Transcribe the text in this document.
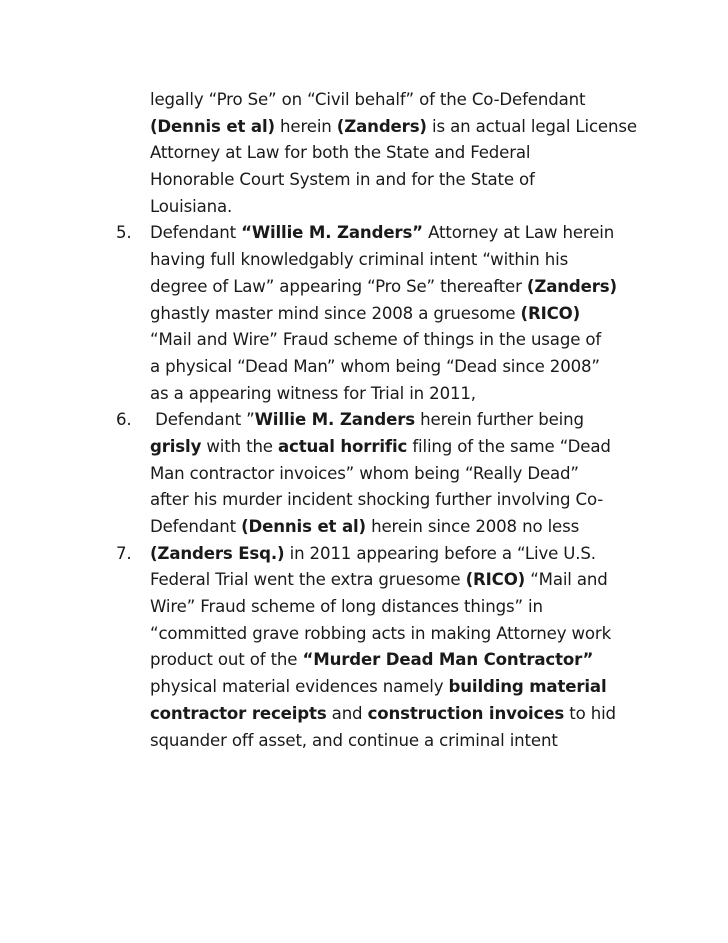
legally “Pro Se” on “Civil behalf” of the Co-Defendant
(Dennis et al) herein (Zanders) is an actual legal License
Attorney at Law for both the State and Federal
Honorable Court System in and for the State of
Louisiana.
5. Defendant “Willie M. Zanders” Attorney at Law herein
having full knowledgably criminal intent “within his
degree of Law” appearing “Pro Se” thereafter (Zanders)
ghastly master mind since 2008 a gruesome (RICO)
“Mail and Wire” Fraud scheme of things in the usage of
a physical “Dead Man” whom being “Dead since 2008”
as a appearing witness for Trial in 2011,
6. Defendant ”Willie M. Zanders herein further being
grisly with the actual horrific filing of the same “Dead
Man contractor invoices” whom being “Really Dead”
after his murder incident shocking further involving Co-
Defendant (Dennis et al) herein since 2008 no less
7. (Zanders Esq.) in 2011 appearing before a “Live U.S.
Federal Trial went the extra gruesome (RICO) “Mail and
Wire” Fraud scheme of long distances things” in
“committed grave robbing acts in making Attorney work
product out of the “Murder Dead Man Contractor”
physical material evidences namely building material
contractor receipts and construction invoices to hid
squander off asset, and continue a criminal intent
